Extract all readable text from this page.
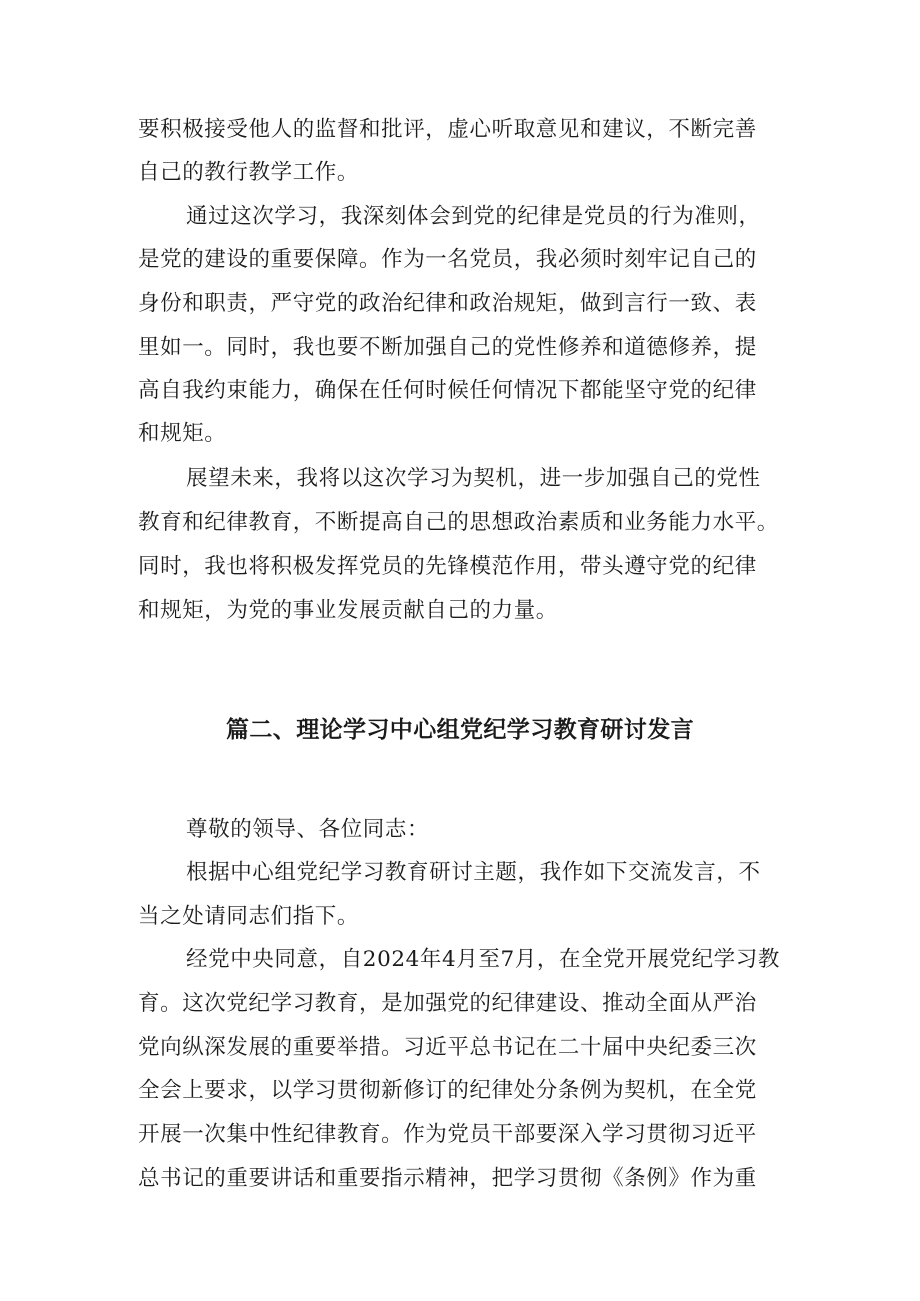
要积极接受他人的监督和批评，虚心听取意见和建议，不断完善

自己的教行教学工作。

通过这次学习，我深刻体会到党的纪律是党员的行为准则，

是党的建设的重要保障。作为一名党员，我必须时刻牢记自己的

身份和职责，严守党的政治纪律和政治规矩，做到言行一致、表

里如一。同时，我也要不断加强自己的党性修养和道德修养，提

高自我约束能力，确保在任何时候任何情况下都能坚守党的纪律

和规矩。

展望未来，我将以这次学习为契机，进一步加强自己的党性

教育和纪律教育，不断提高自己的思想政治素质和业务能力水平。

同时，我也将积极发挥党员的先锋模范作用，带头遵守党的纪律

和规矩，为党的事业发展贡献自己的力量。

篇二、理论学习中心组党纪学习教育研讨发言

尊敬的领导、各位同志：

根据中心组党纪学习教育研讨主题，我作如下交流发言，不

当之处请同志们指下。

经党中央同意，自2024年4月至7月，在全党开展党纪学习教

育。这次党纪学习教育，是加强党的纪律建设、推动全面从严治

党向纵深发展的重要举措。习近平总书记在二十届中央纪委三次

全会上要求，以学习贯彻新修订的纪律处分条例为契机，在全党

开展一次集中性纪律教育。作为党员干部要深入学习贯彻习近平

总书记的重要讲话和重要指示精神，把学习贯彻《条例》作为重
